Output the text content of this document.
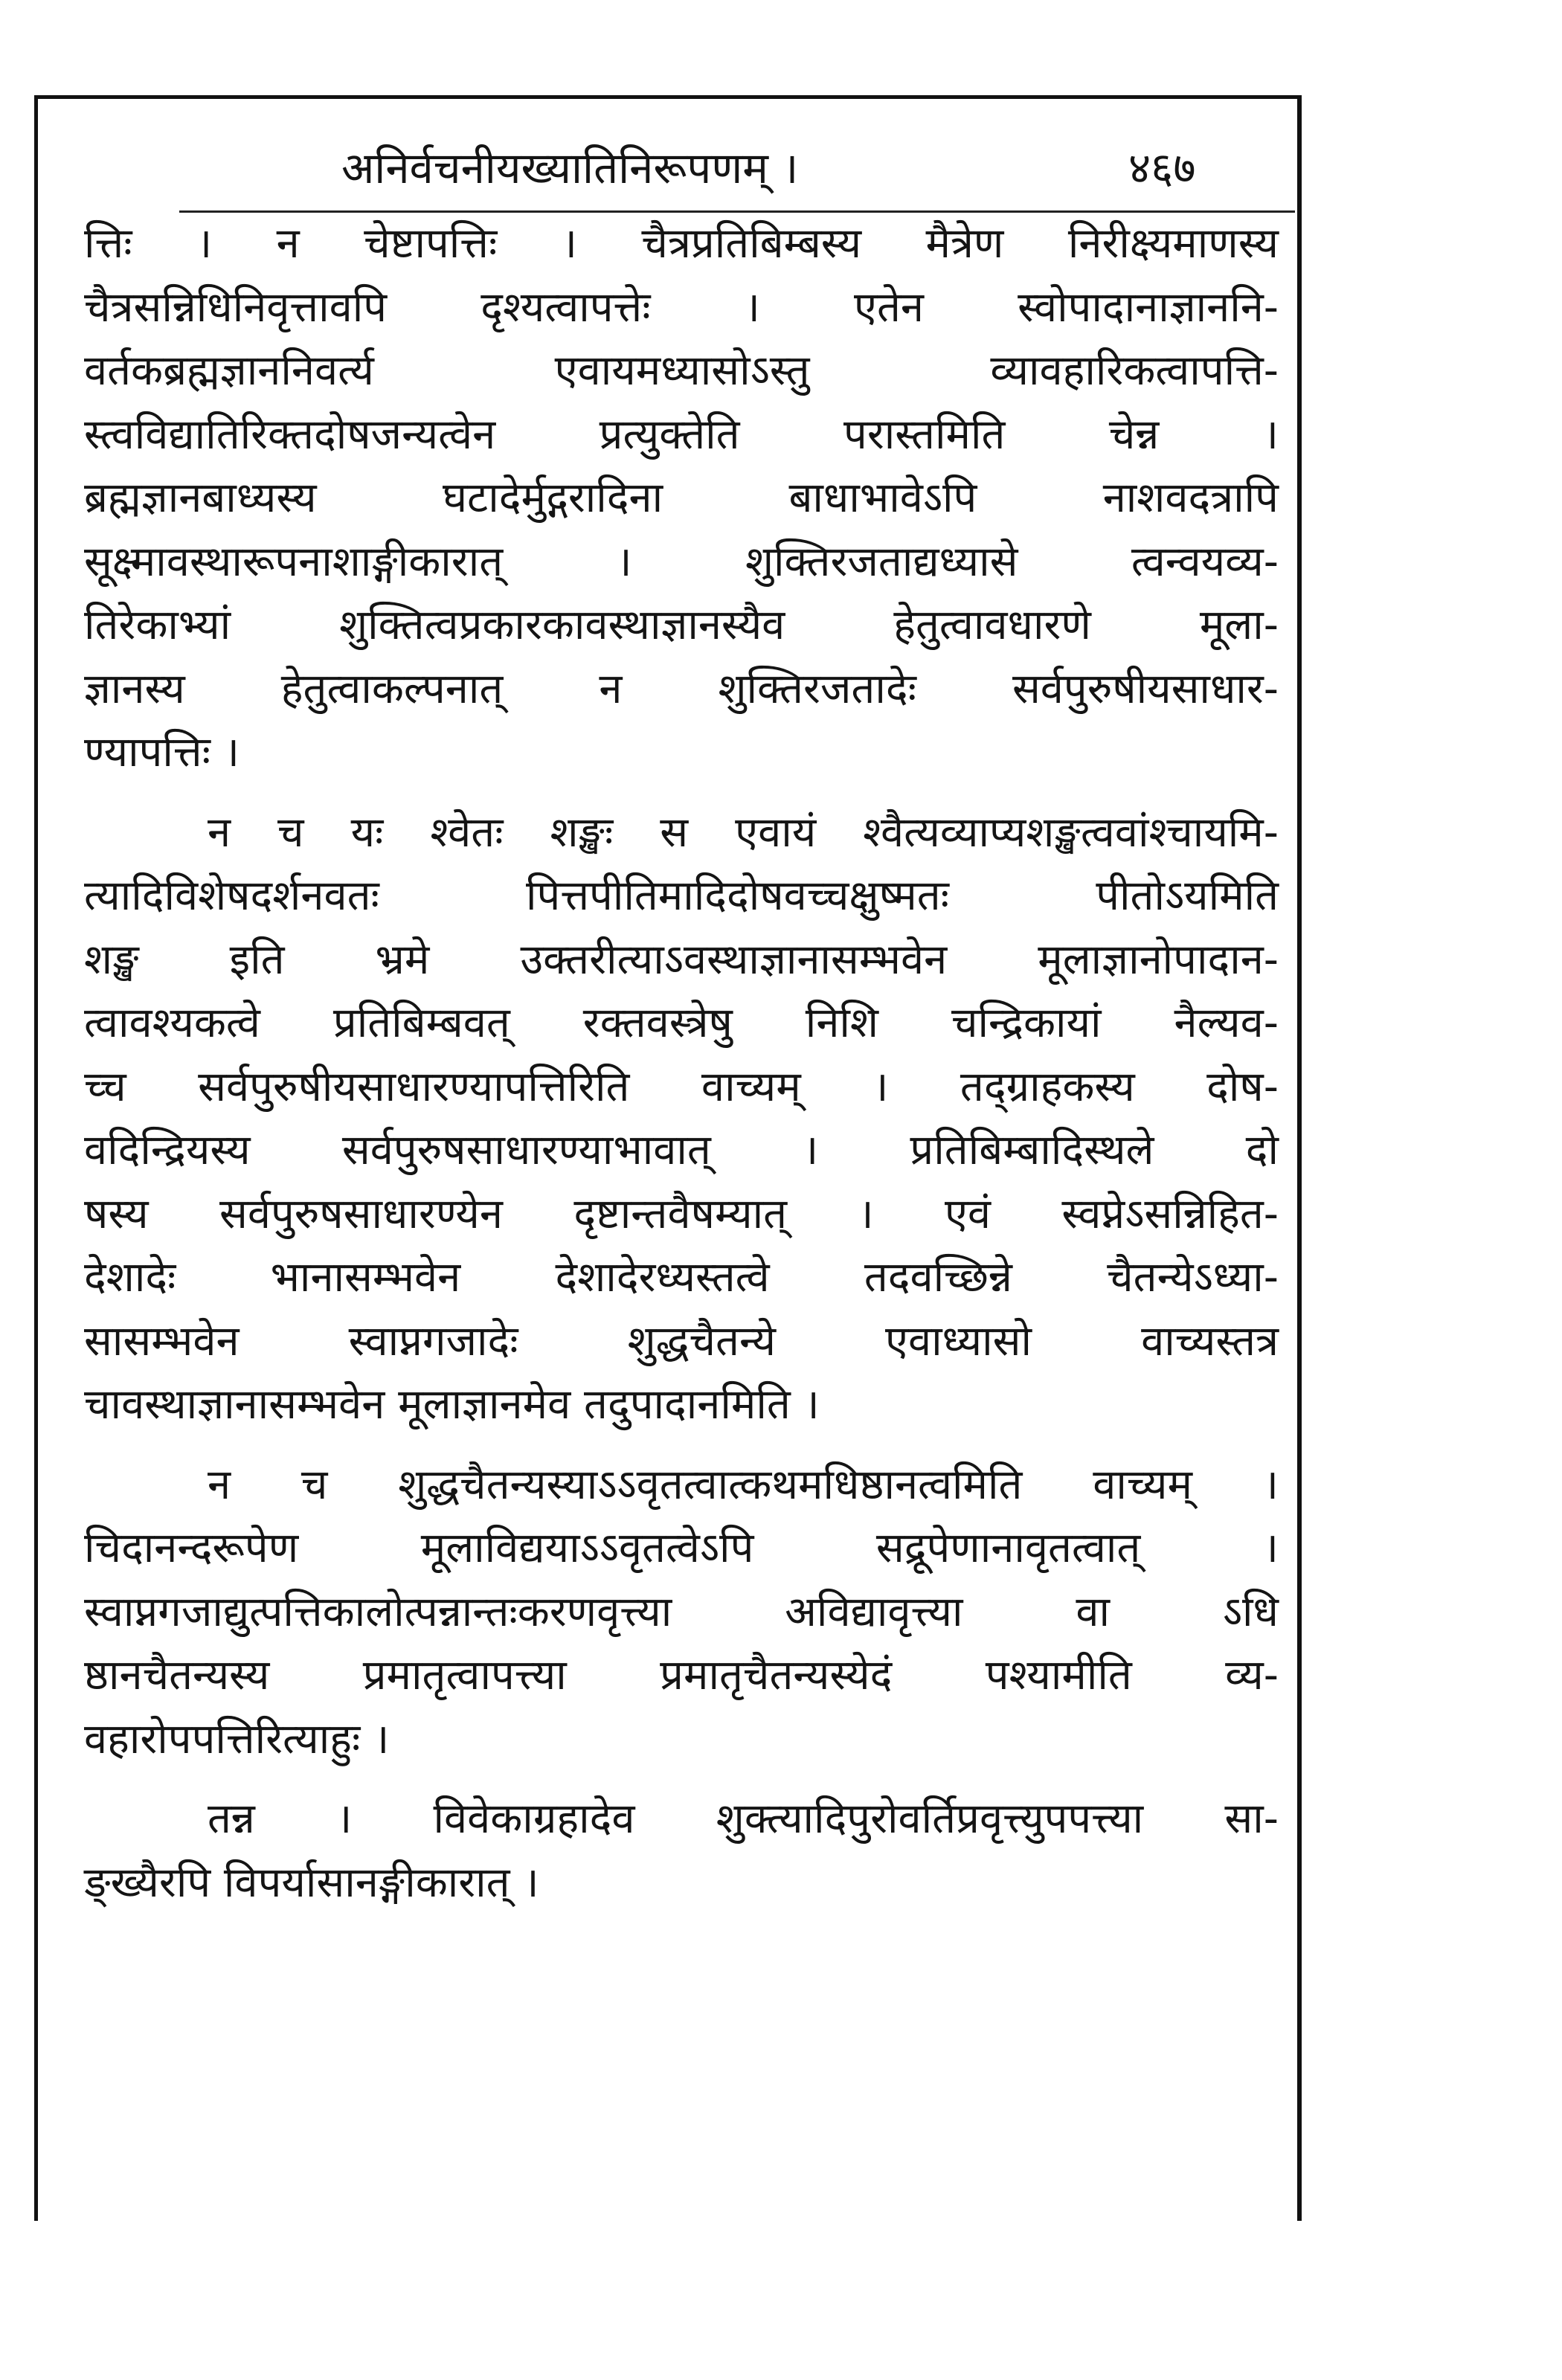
अनिर्वचनीयख्यातिनिरूपणम् ।	४६७

त्तिः । न चेष्टापत्तिः । चैत्रप्रतिबिम्बस्य मैत्रेण निरीक्ष्यमाणस्य
चैत्रसन्निधिनिवृत्तावपि दृश्यत्वापत्तेः । एतेन स्वोपादानाज्ञाननि-
वर्तकब्रह्मज्ञाननिवर्त्य एवायमध्यासोऽस्तु व्यावहारिकत्वापत्ति-
स्त्वविद्यातिरिक्तदोषजन्यत्वेन प्रत्युक्तेति परास्तमिति चेन्न ।
ब्रह्मज्ञानबाध्यस्य घटादेर्मुद्गरादिना बाधाभावेऽपि नाशवदत्रापि
सूक्ष्मावस्थारूपनाशाङ्गीकारात् । शुक्तिरजताद्यध्यासे त्वन्वयव्य-
तिरेकाभ्यां शुक्तित्वप्रकारकावस्थाज्ञानस्यैव हेतुत्वावधारणे मूला-
ज्ञानस्य हेतुत्वाकल्पनात् न शुक्तिरजतादेः सर्वपुरुषीयसाधार-
ण्यापत्तिः ।

न च यः श्वेतः शङ्खः स एवायं श्वैत्यव्याप्यशङ्खत्ववांश्चायमि-
त्यादिविशेषदर्शनवतः पित्तपीतिमादिदोषवच्चक्षुष्मतः पीतोऽयमिति
शङ्ख इति भ्रमे उक्तरीत्याऽवस्थाज्ञानासम्भवेन मूलाज्ञानोपादान-
त्वावश्यकत्वे प्रतिबिम्बवत् रक्तवस्त्रेषु निशि चन्द्रिकायां नैल्यव-
च्च सर्वपुरुषीयसाधारण्यापत्तिरिति वाच्यम् । तद्ग्राहकस्य दोष-
वदिन्द्रियस्य सर्वपुरुषसाधारण्याभावात् । प्रतिबिम्बादिस्थले दो
षस्य सर्वपुरुषसाधारण्येन दृष्टान्तवैषम्यात् । एवं स्वप्नेऽसन्निहित-
देशादेः भानासम्भवेन देशादेरध्यस्तत्वे तदवच्छिन्ने चैतन्येऽध्या-
सासम्भवेन स्वाप्नगजादेः शुद्धचैतन्ये एवाध्यासो वाच्यस्तत्र
चावस्थाज्ञानासम्भवेन मूलाज्ञानमेव तदुपादानमिति ।

न च शुद्धचैतन्यस्याऽऽवृतत्वात्कथमधिष्ठानत्वमिति वाच्यम् ।
चिदानन्दरूपेण मूलाविद्ययाऽऽवृतत्वेऽपि सद्रूपेणानावृतत्वात् ।
स्वाप्नगजाद्युत्पत्तिकालोत्पन्नान्तःकरणवृत्त्या अविद्यावृत्त्या वा ऽधि
ष्ठानचैतन्यस्य प्रमातृत्वापत्त्या प्रमातृचैतन्यस्येदं पश्यामीति व्य-
वहारोपपत्तिरित्याहुः ।

तन्न । विवेकाग्रहादेव शुक्त्यादिपुरोवर्तिप्रवृत्त्युपपत्त्या सा-
ङ्ख्यैरपि विपर्यासानङ्गीकारात् ।
